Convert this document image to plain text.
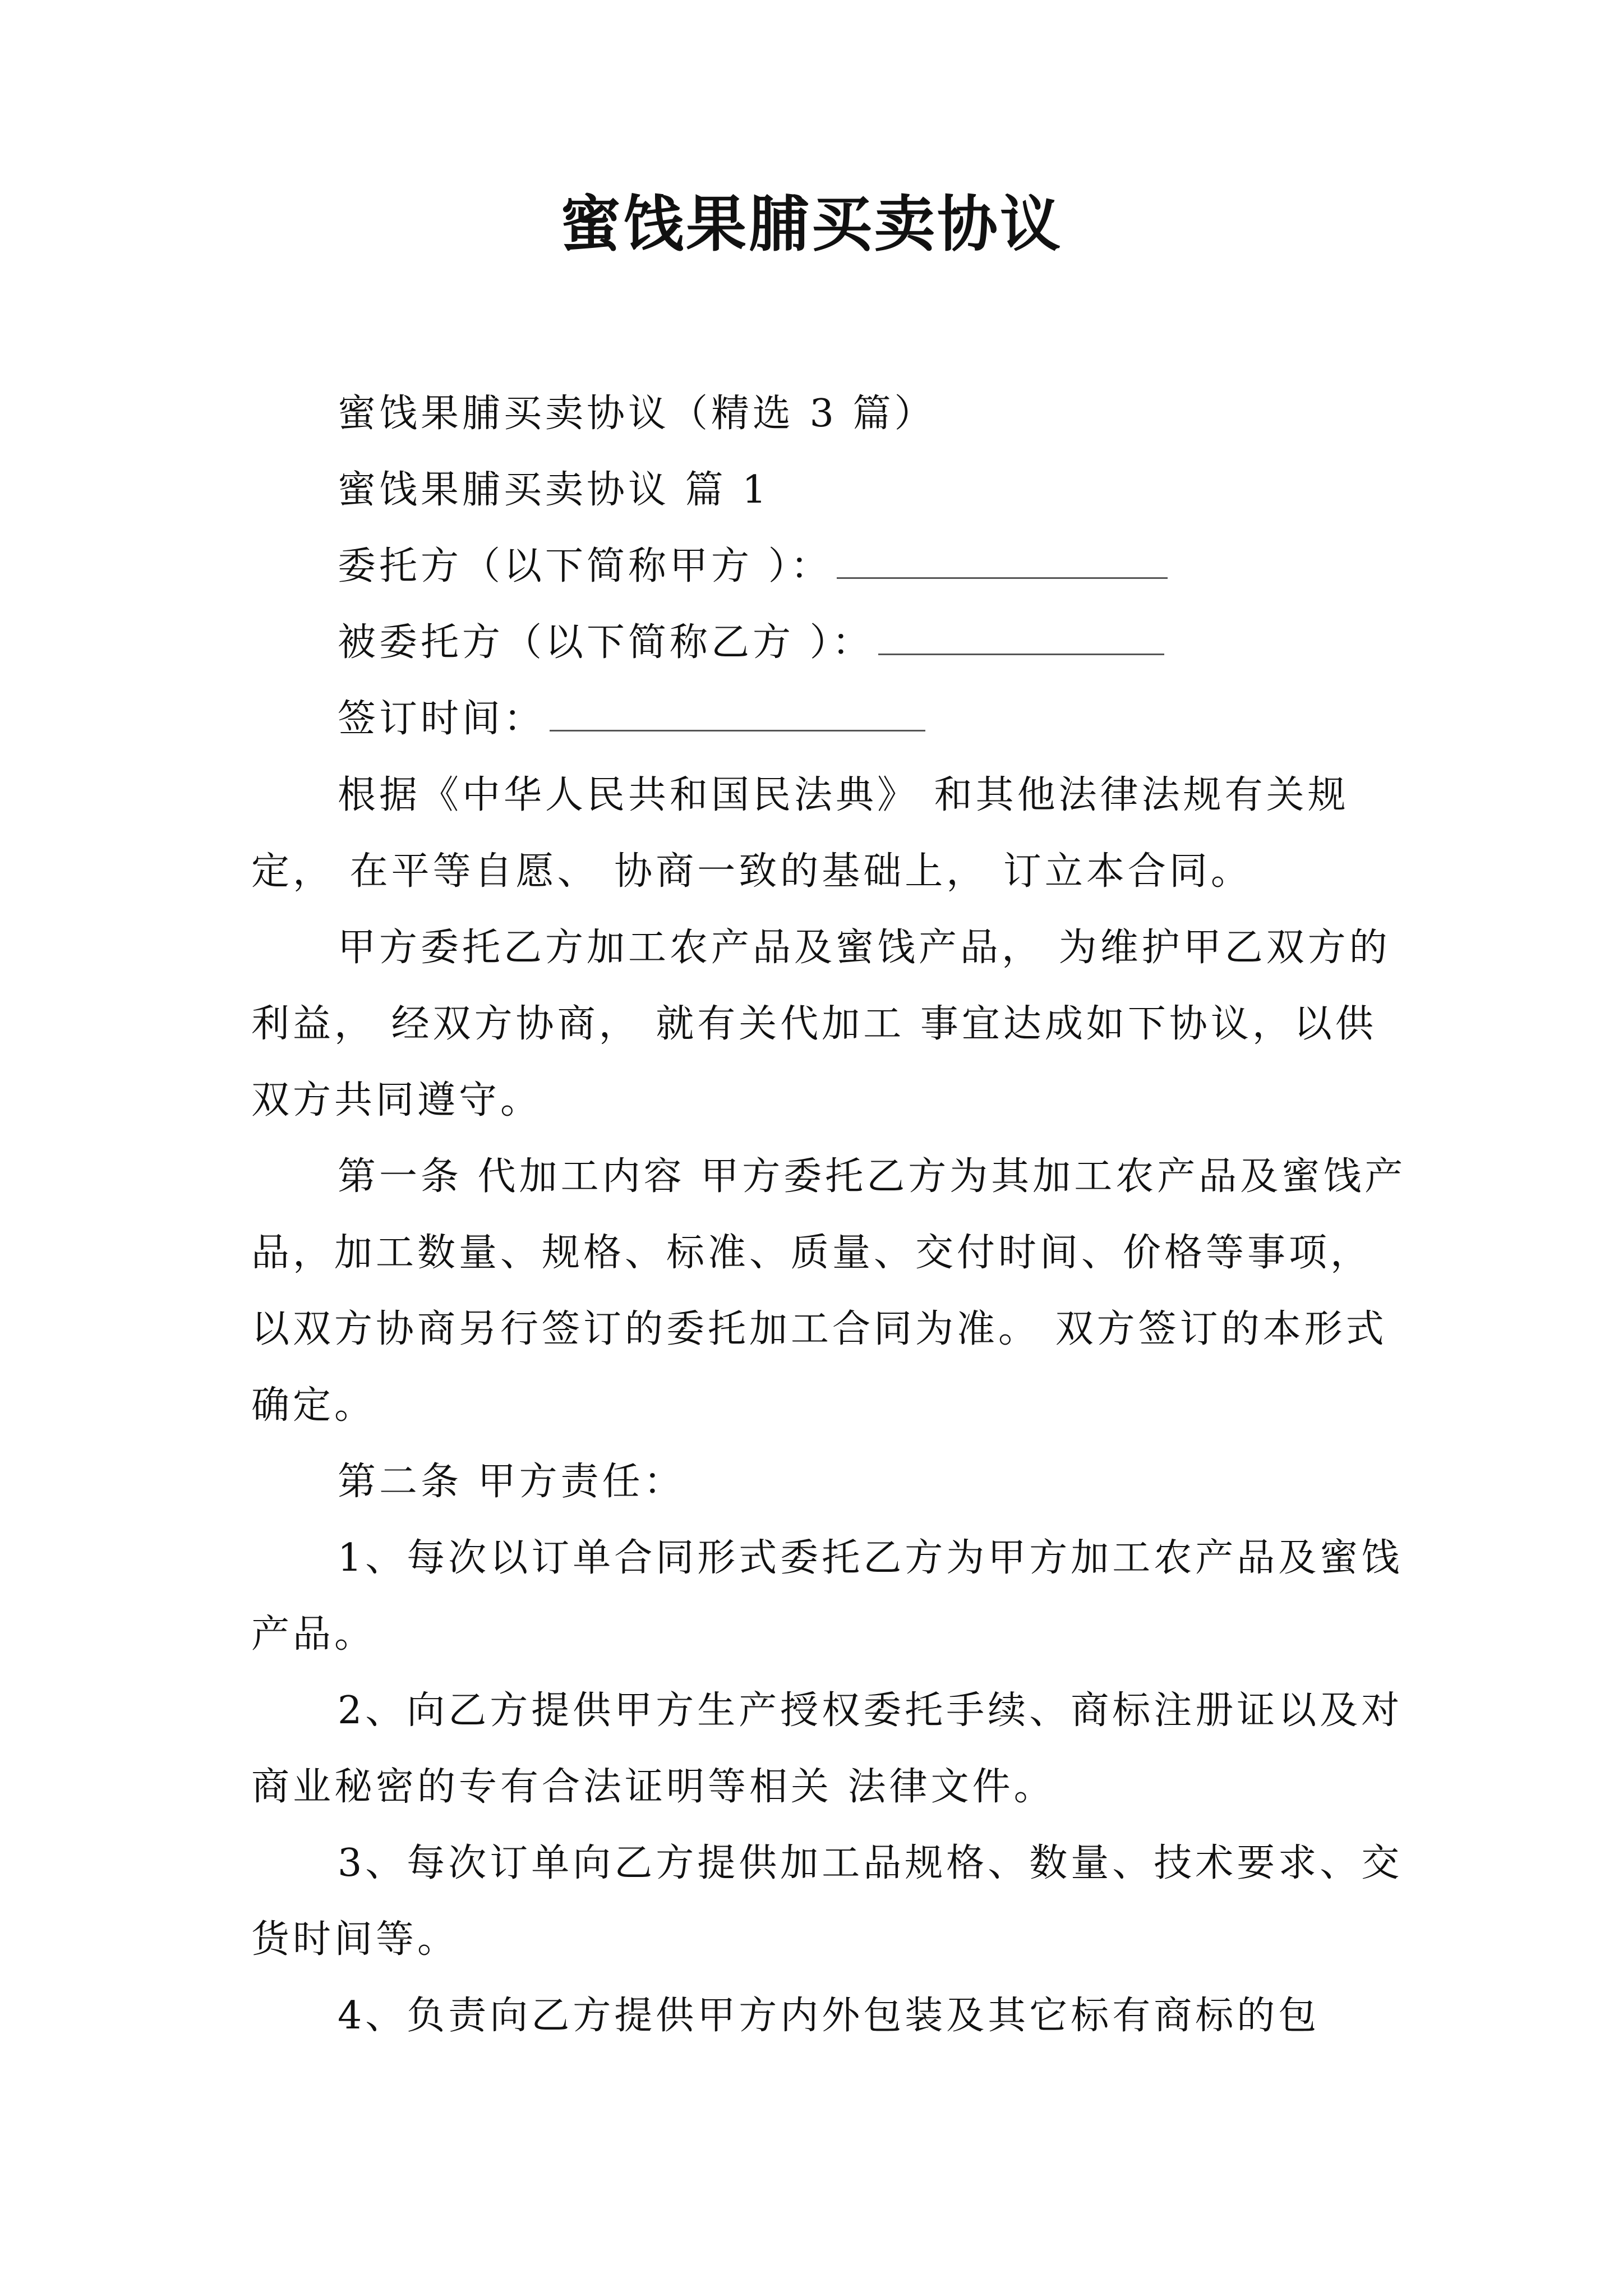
蜜饯果脯买卖协议

蜜饯果脯买卖协议（精选 3 篇）

蜜饯果脯买卖协议 篇 1

委托方（以下简称甲方 ）：

被委托方（以下简称乙方 ）：

签订时间：

根据《中华人民共和国民法典》 和其他法律法规有关规定， 在平等自愿、 协商一致的基础上， 订立本合同。

甲方委托乙方加工农产品及蜜饯产品， 为维护甲乙双方的利益， 经双方协商， 就有关代加工 事宜达成如下协议，以供双方共同遵守。

第一条 代加工内容 甲方委托乙方为其加工农产品及蜜饯产品，加工数量、规格、标准、质量、交付时间、价格等事项，以双方协商另行签订的委托加工合同为准。 双方签订的本形式确定。

第二条 甲方责任：

1、每次以订单合同形式委托乙方为甲方加工农产品及蜜饯产品。

2、向乙方提供甲方生产授权委托手续、商标注册证以及对商业秘密的专有合法证明等相关 法律文件。

3、每次订单向乙方提供加工品规格、数量、技术要求、交货时间等。

4、负责向乙方提供甲方内外包装及其它标有商标的包
